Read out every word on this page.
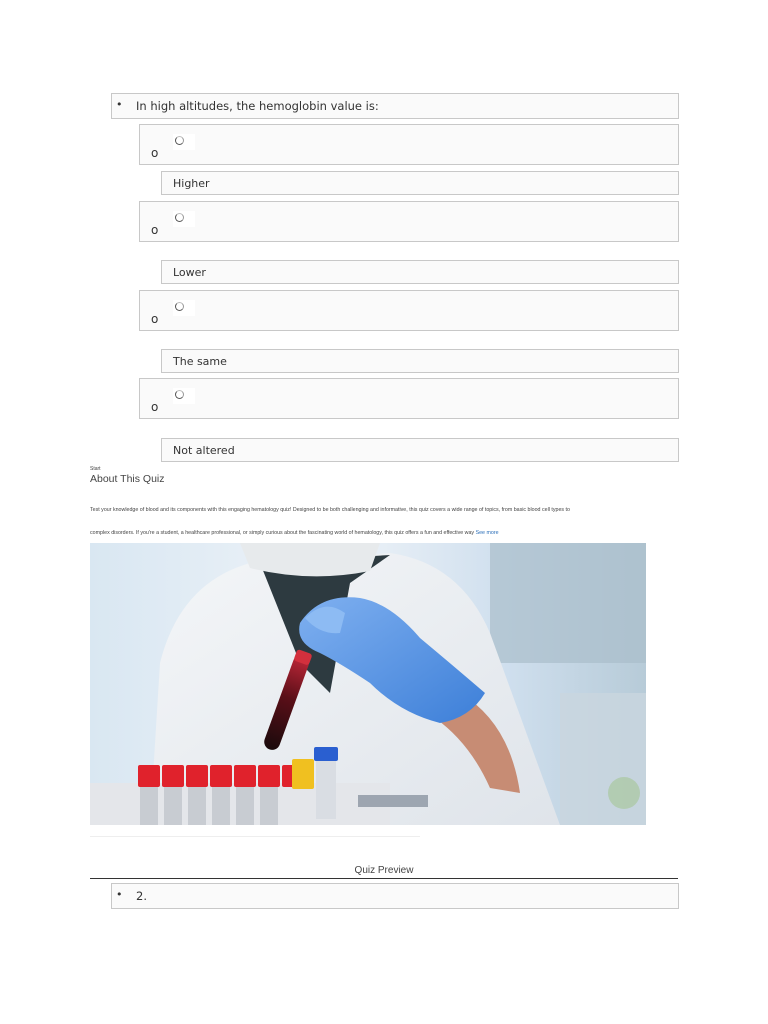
• In high altitudes, the hemoglobin value is:
o
Higher
o
Lower
o
The same
o
Not altered
Start
About This Quiz
Test your knowledge of blood and its components with this engaging hematology quiz! Designed to be both challenging and informative, this quiz covers a wide range of topics, from basic blood cell types to
complex disorders. If you're a student, a healthcare professional, or simply curious about the fascinating world of hematology, this quiz offers a fun and effective way See more
Quiz Preview
• 2.
